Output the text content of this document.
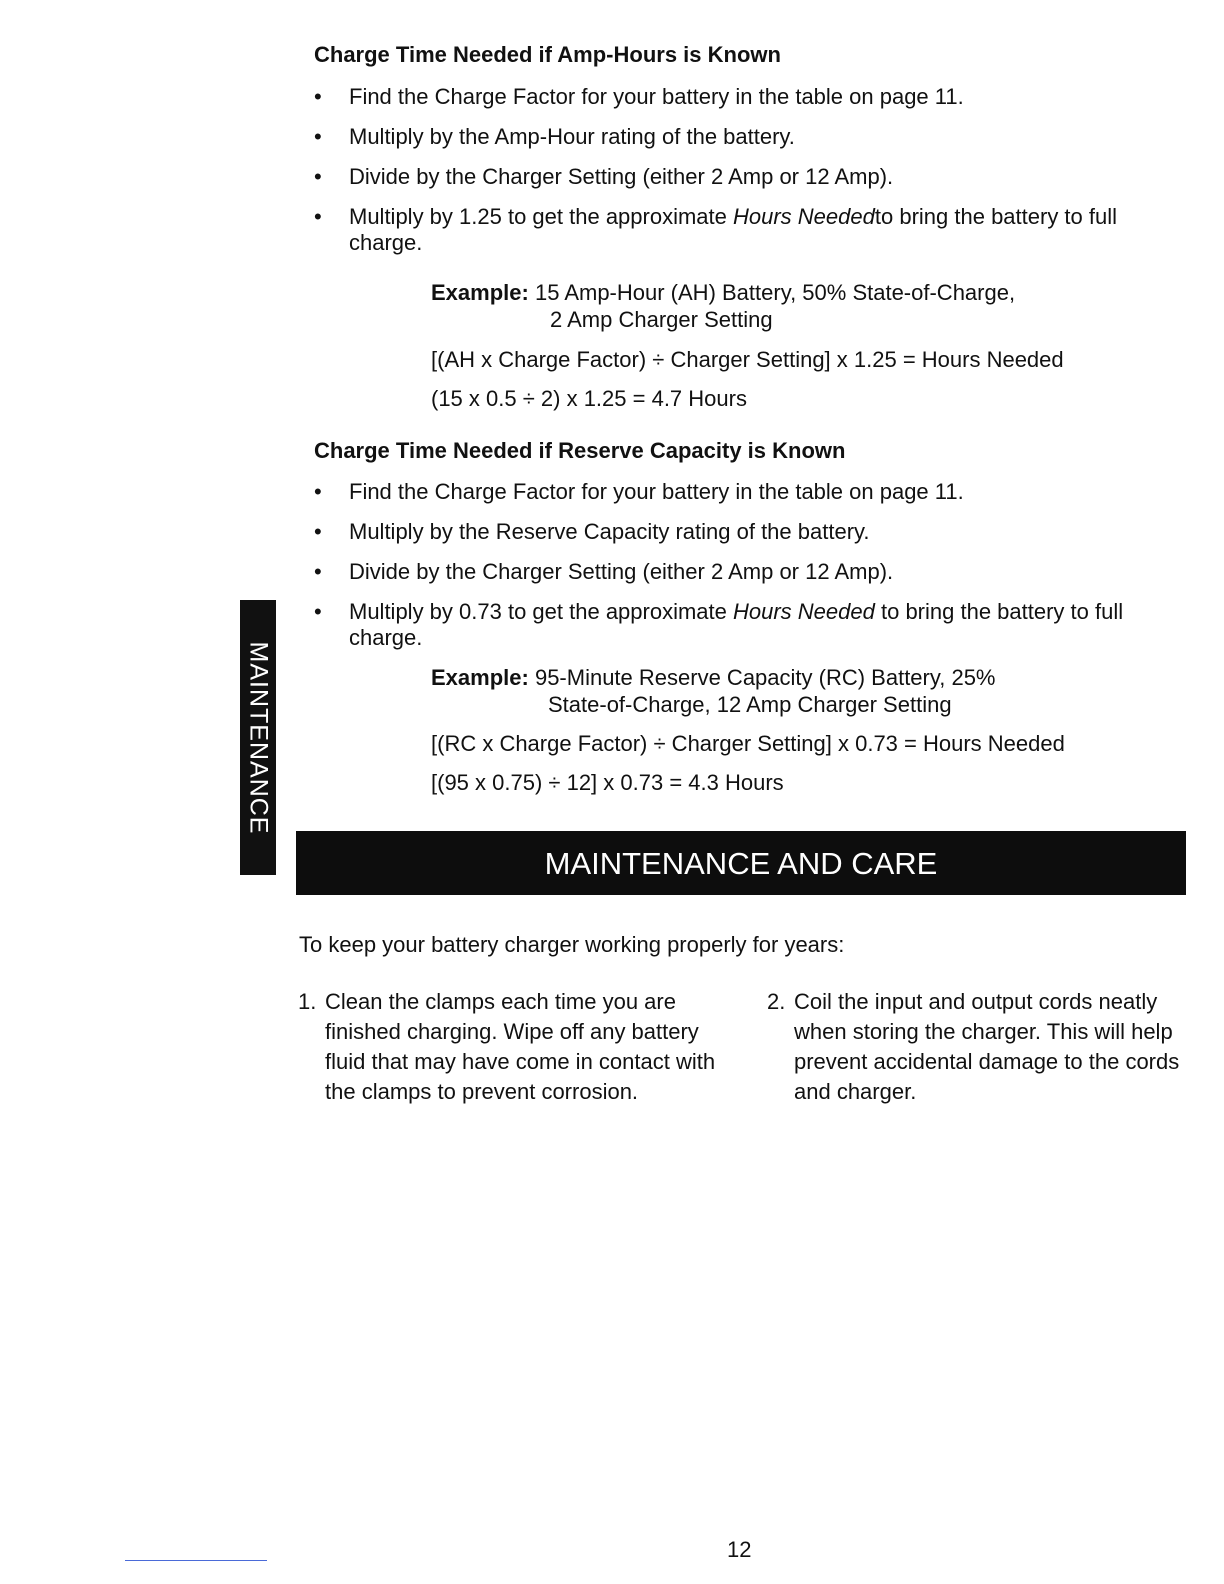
Charge Time Needed if Amp-Hours is Known
• Find the Charge Factor for your battery in the table on page 11.
• Multiply by the Amp-Hour rating of the battery.
• Divide by the Charger Setting (either 2 Amp or 12 Amp).
• Multiply by 1.25 to get the approximate Hours Neededto bring the battery to full charge.
Example: 15 Amp-Hour (AH) Battery, 50% State-of-Charge,
2 Amp Charger Setting
[(AH x Charge Factor) ÷ Charger Setting] x 1.25 = Hours Needed
(15 x 0.5 ÷ 2) x 1.25 = 4.7 Hours
Charge Time Needed if Reserve Capacity is Known
• Find the Charge Factor for your battery in the table on page 11.
• Multiply by the Reserve Capacity rating of the battery.
• Divide by the Charger Setting (either 2 Amp or 12 Amp).
• Multiply by 0.73 to get the approximate Hours Needed to bring the battery to full charge.
Example: 95-Minute Reserve Capacity (RC) Battery, 25%
State-of-Charge, 12 Amp Charger Setting
[(RC x Charge Factor) ÷ Charger Setting] x 0.73 = Hours Needed
[(95 x 0.75) ÷ 12] x 0.73 = 4.3 Hours
MAINTENANCE
MAINTENANCE AND CARE
To keep your battery charger working properly for years:
1. Clean the clamps each time you are finished charging. Wipe off any battery fluid that may have come in contact with the clamps to prevent corrosion.
2. Coil the input and output cords neatly when storing the charger. This will help prevent accidental damage to the cords and charger.
12
